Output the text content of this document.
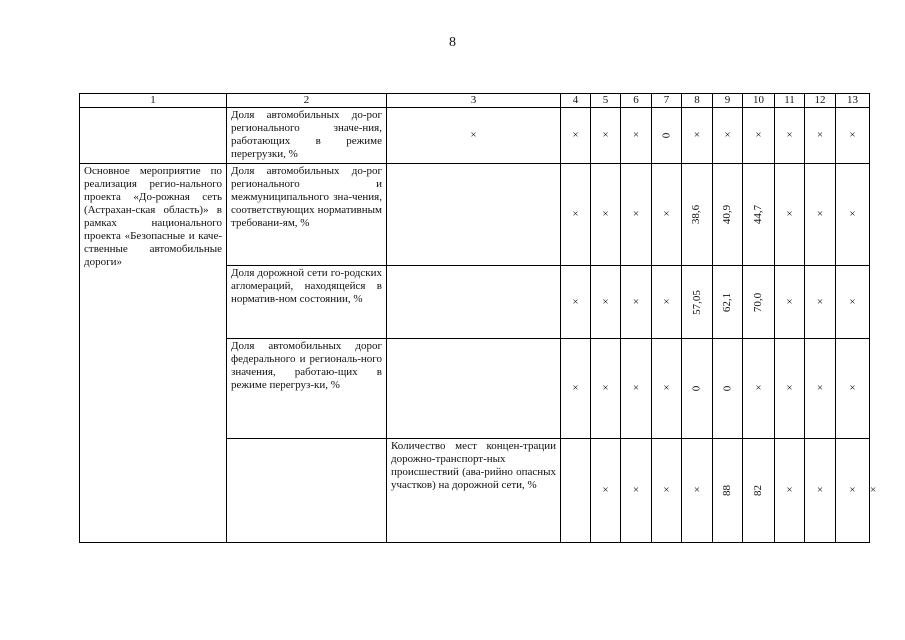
8
1	2	3	4	5	6	7	8	9	10	11	12	13	
	Доля автомобильных до-рог регионального значе-ния, работающих в режиме перегрузки, %	×	×	×	×	0	×	×	×	×	×	×	
Основное мероприятие по реализация регио-нального проекта «До-рожная сеть (Астрахан-ская область)» в рамках национального проекта «Безопасные и каче-ственные автомобильные дороги»	Доля автомобильных до-рог регионального и межмуниципального зна-чения, соответствующих нормативным требовани-ям, %		×	×	×	×	38,6	40,9	44,7	×	×	×	
	Доля дорожной сети го-родских агломераций, находящейся в норматив-ном состоянии, %		×	×	×	×	57,05	62,1	70,0	×	×	×	
	Доля автомобильных дорог федерального и региональ-ного значения, работаю-щих в режиме перегруз-ки, %		×	×	×	×	0	0	×	×	×	×	
		Количество мест концен-трации дорожно-транспорт-ных происшествий (ава-рийно опасных участков) на дорожной сети, %		×	×	×	×	88	82	×	×	×	×
